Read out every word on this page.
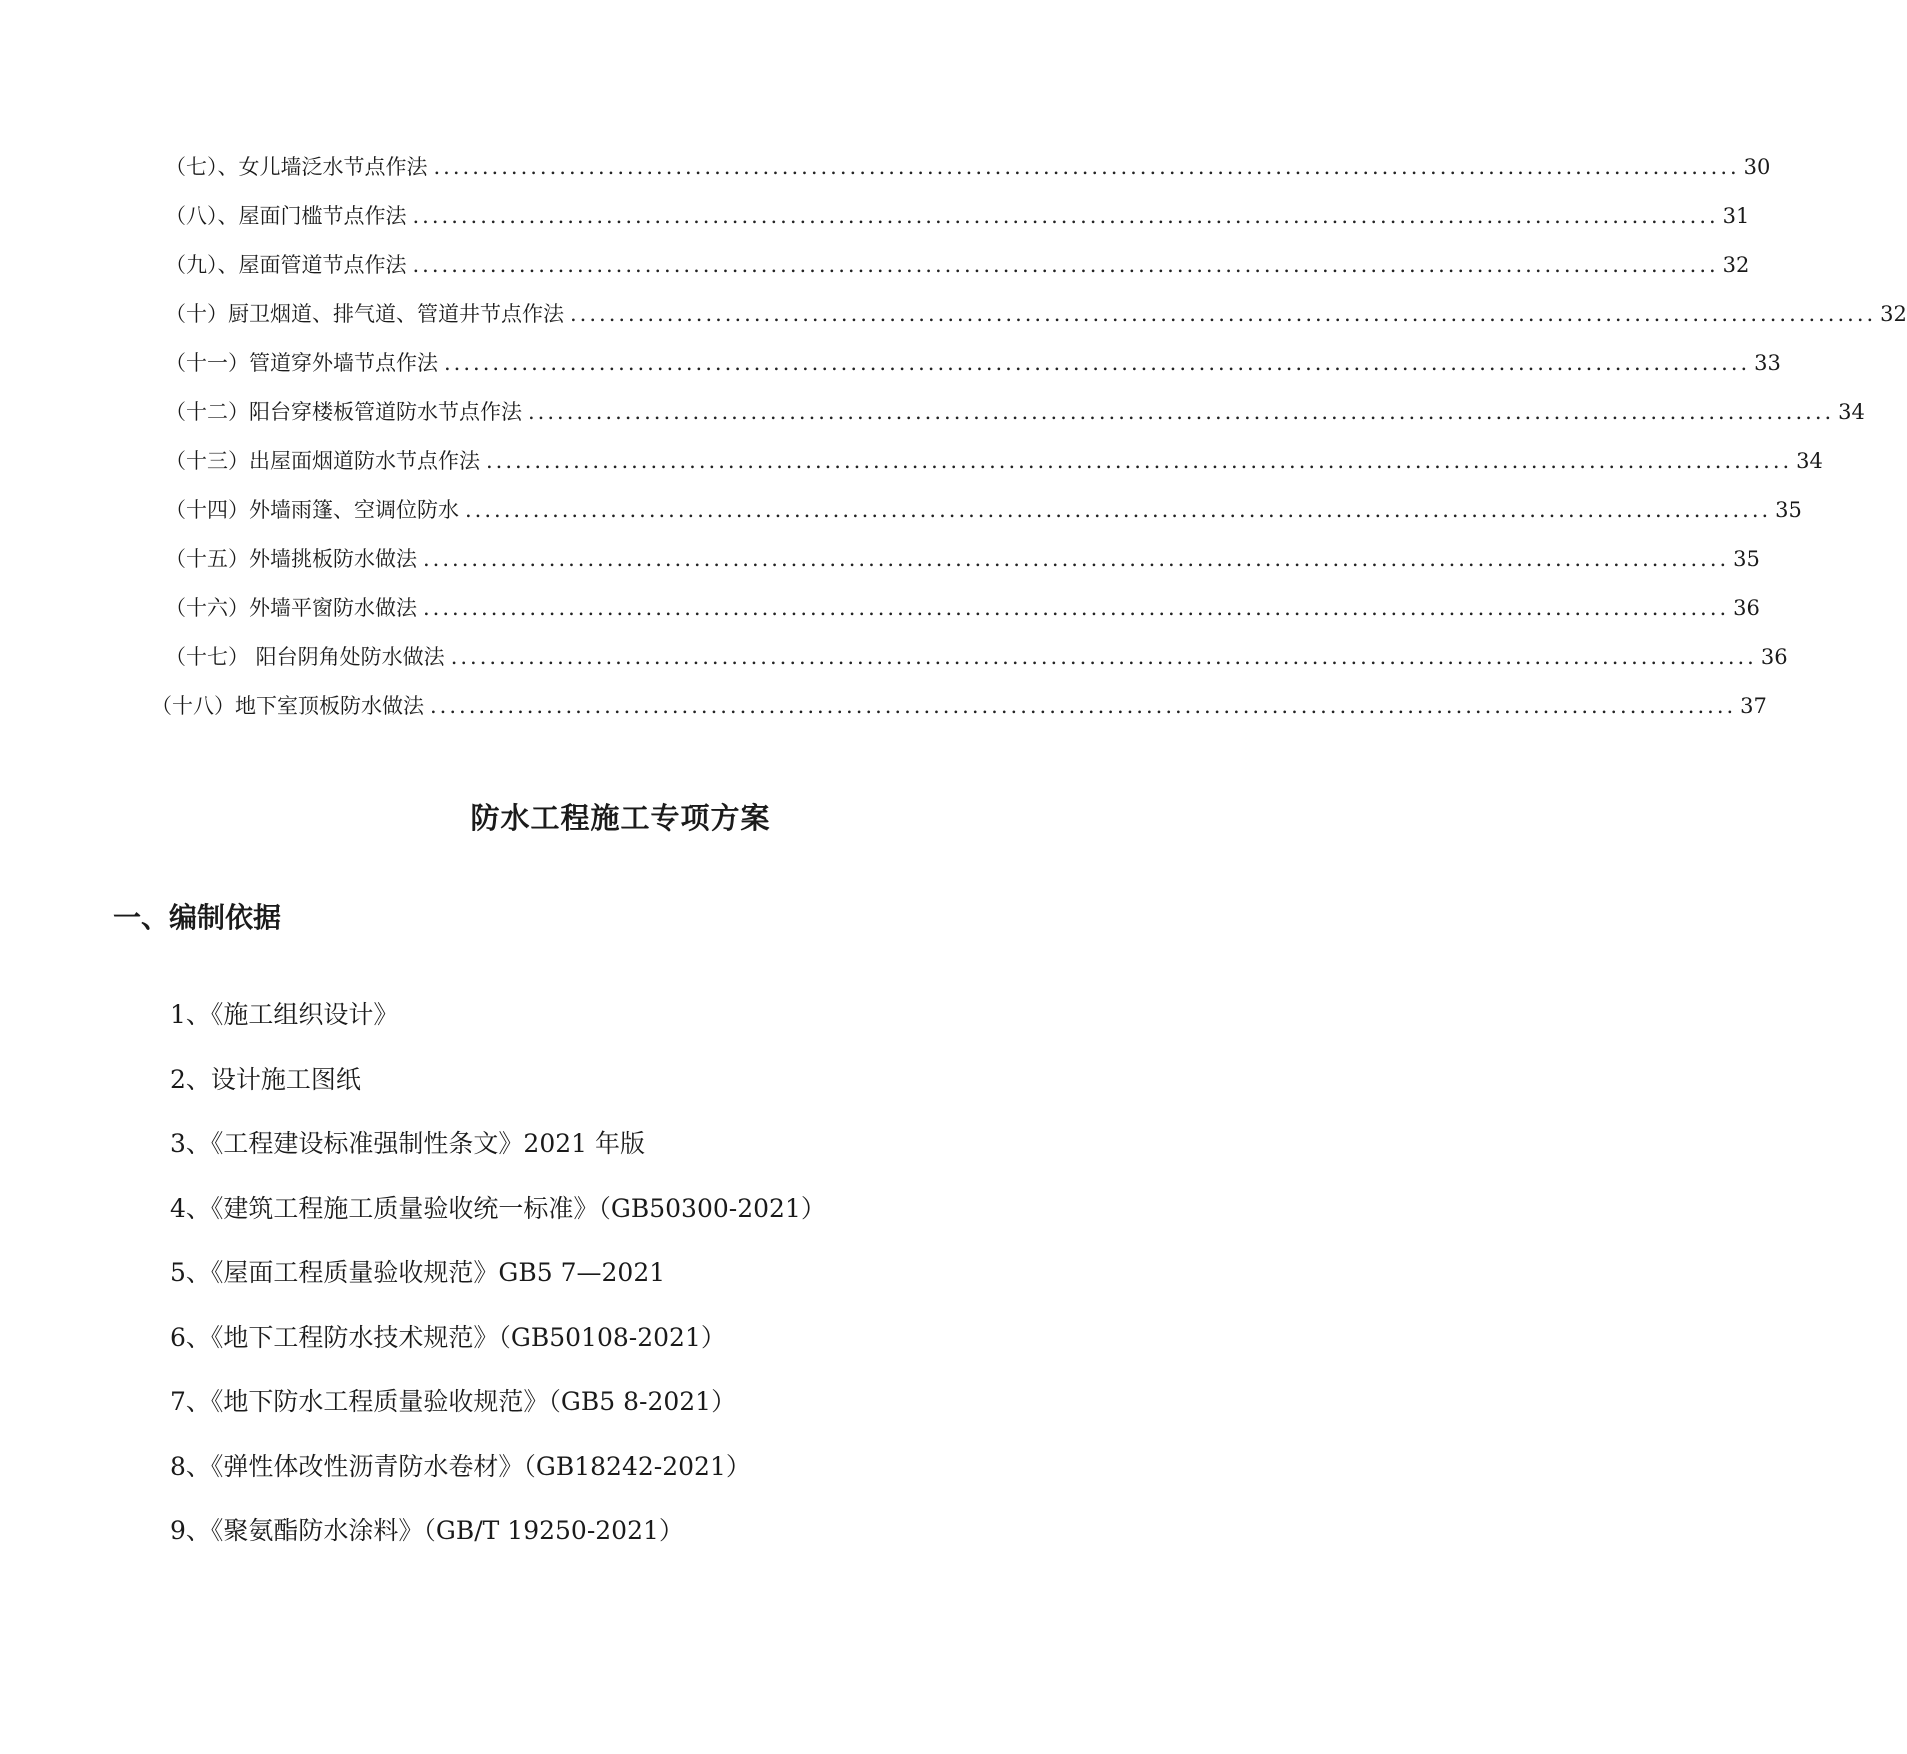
（七）、女儿墙泛水节点作法 ....................................................................................................................................... 30
（八）、屋面门槛节点作法 ....................................................................................................................................... 31
（九）、屋面管道节点作法 ....................................................................................................................................... 32
（十）厨卫烟道、排气道、管道井节点作法 ....................................................................................................................................... 32
（十一）管道穿外墙节点作法 ....................................................................................................................................... 33
（十二）阳台穿楼板管道防水节点作法 ....................................................................................................................................... 34
（十三）出屋面烟道防水节点作法 ....................................................................................................................................... 34
（十四）外墙雨篷、空调位防水 ....................................................................................................................................... 35
（十五）外墙挑板防水做法 ....................................................................................................................................... 35
（十六）外墙平窗防水做法 ....................................................................................................................................... 36
（十七） 阳台阴角处防水做法 ....................................................................................................................................... 36
（十八）地下室顶板防水做法 ....................................................................................................................................... 37
防水工程施工专项方案
一、编制依据
1、《施工组织设计》
2、设计施工图纸
3、《工程建设标准强制性条文》2021 年版
4、《建筑工程施工质量验收统一标准》（GB50300-2021）
5、《屋面工程质量验收规范》GB5 7—2021
6、《地下工程防水技术规范》（GB50108-2021）
7、《地下防水工程质量验收规范》（GB5 8-2021）
8、《弹性体改性沥青防水卷材》（GB18242-2021）
9、《聚氨酯防水涂料》（GB/T 19250-2021）
